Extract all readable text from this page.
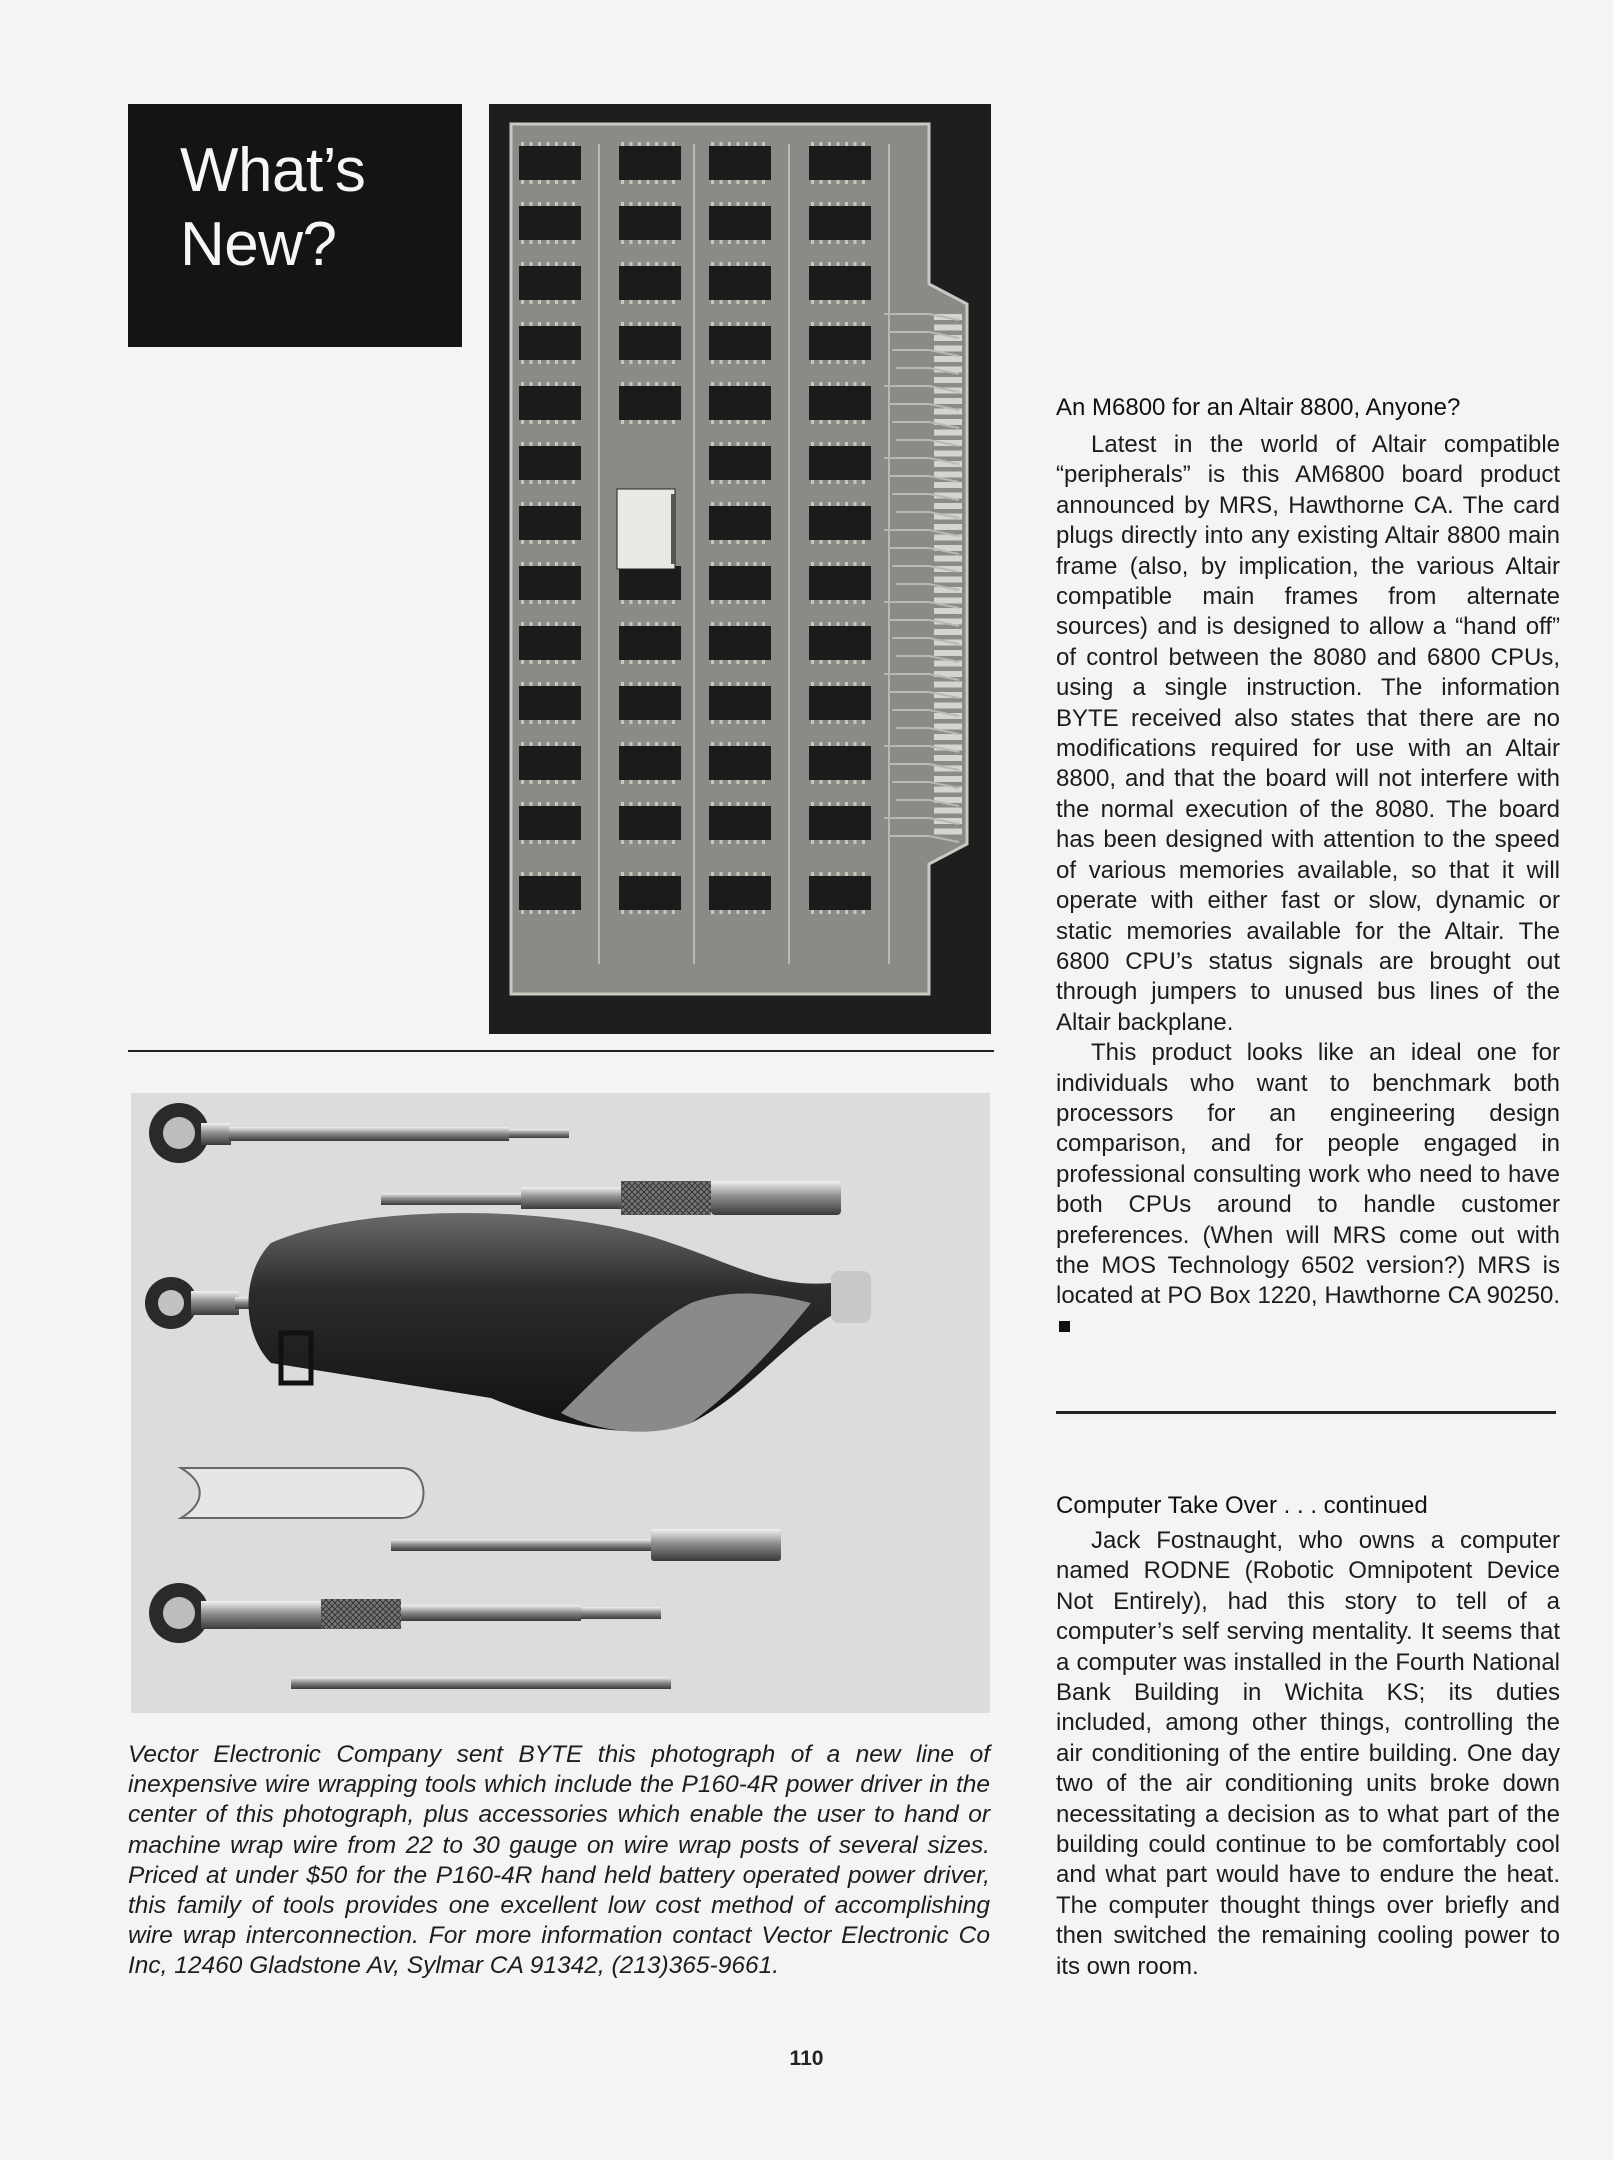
What’s
New?
Vector Electronic Company sent BYTE this photograph of a new line of inexpensive wire wrapping tools which include the P160-4R power driver in the center of this photograph, plus accessories which enable the user to hand or machine wrap wire from 22 to 30 gauge on wire wrap posts of several sizes. Priced at under $50 for the P160-4R hand held battery operated power driver, this family of tools provides one excellent low cost method of accomplishing wire wrap interconnection. For more information contact Vector Electronic Co Inc, 12460 Gladstone Av, Sylmar CA 91342, (213)365-9661.
An M6800 for an Altair 8800, Anyone?

Latest in the world of Altair compatible “peripherals” is this AM6800 board product announced by MRS, Hawthorne CA. The card plugs directly into any existing Altair 8800 main frame (also, by implication, the various Altair compatible main frames from alternate sources) and is designed to allow a “hand off” of control between the 8080 and 6800 CPUs, using a single instruction. The information BYTE received also states that there are no modifications required for use with an Altair 8800, and that the board will not interfere with the normal execution of the 8080. The board has been designed with attention to the speed of various memories available, so that it will operate with either fast or slow, dynamic or static memories available for the Altair. The 6800 CPU’s status signals are brought out through jumpers to unused bus lines of the Altair backplane.

This product looks like an ideal one for individuals who want to benchmark both processors for an engineering design comparison, and for people engaged in professional consulting work who need to have both CPUs around to handle customer preferences. (When will MRS come out with the MOS Technology 6502 version?) MRS is located at PO Box 1220, Hawthorne CA 90250.

Computer Take Over . . . continued

Jack Fostnaught, who owns a computer named RODNE (Robotic Omnipotent Device Not Entirely), had this story to tell of a computer’s self serving mentality. It seems that a computer was installed in the Fourth National Bank Building in Wichita KS; its duties included, among other things, controlling the air conditioning of the entire building. One day two of the air conditioning units broke down necessitating a decision as to what part of the building could continue to be comfortably cool and what part would have to endure the heat. The computer thought things over briefly and then switched the remaining cooling power to its own room.

110
